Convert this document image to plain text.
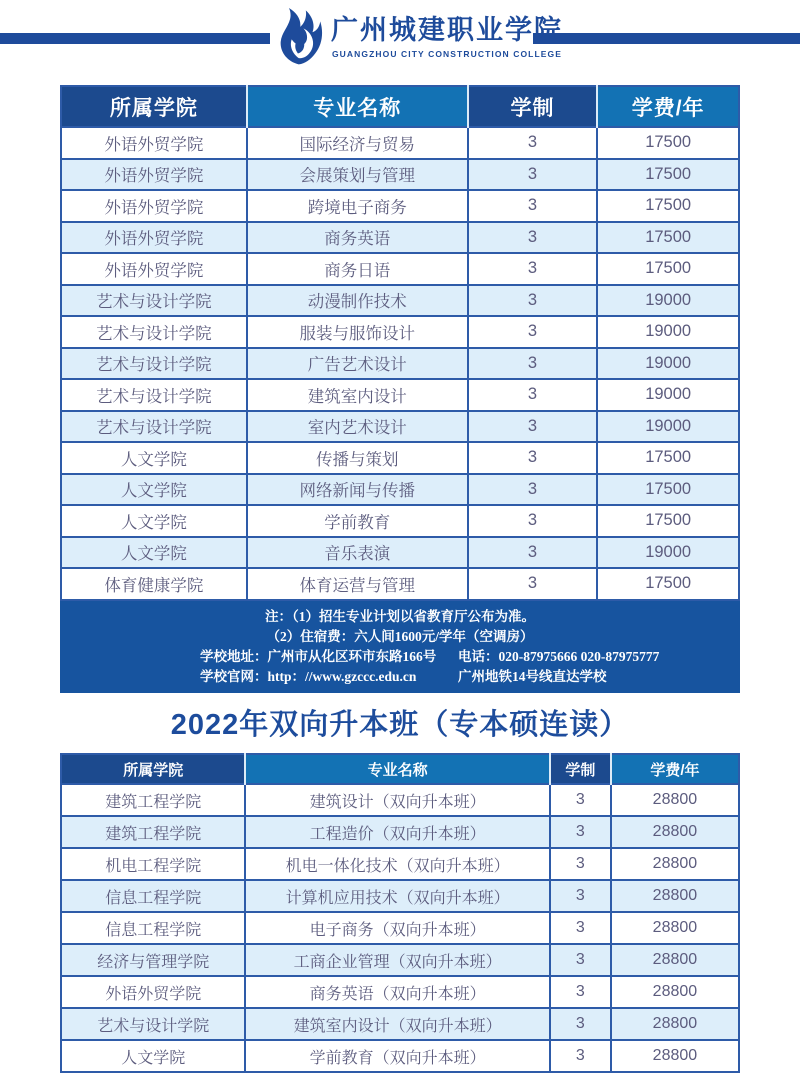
广州城建职业学院
GUANGZHOU CITY CONSTRUCTION COLLEGE
所属学院	专业名称	学制	学费/年
外语外贸学院	国际经济与贸易	3	17500
外语外贸学院	会展策划与管理	3	17500
外语外贸学院	跨境电子商务	3	17500
外语外贸学院	商务英语	3	17500
外语外贸学院	商务日语	3	17500
艺术与设计学院	动漫制作技术	3	19000
艺术与设计学院	服装与服饰设计	3	19000
艺术与设计学院	广告艺术设计	3	19000
艺术与设计学院	建筑室内设计	3	19000
艺术与设计学院	室内艺术设计	3	19000
人文学院	传播与策划	3	17500
人文学院	网络新闻与传播	3	17500
人文学院	学前教育	3	17500
人文学院	音乐表演	3	19000
体育健康学院	体育运营与管理	3	17500
注：（1）招生专业计划以省教育厅公布为准。
（2）住宿费：六人间1600元/学年（空调房）
学校地址：广州市从化区环市东路166号	电话：020-87975666 020-87975777
学校官网：http：//www.gzccc.edu.cn	广州地铁14号线直达学校
2022年双向升本班（专本硕连读）
所属学院	专业名称	学制	学费/年
建筑工程学院	建筑设计（双向升本班）	3	28800
建筑工程学院	工程造价（双向升本班）	3	28800
机电工程学院	机电一体化技术（双向升本班）	3	28800
信息工程学院	计算机应用技术（双向升本班）	3	28800
信息工程学院	电子商务（双向升本班）	3	28800
经济与管理学院	工商企业管理（双向升本班）	3	28800
外语外贸学院	商务英语（双向升本班）	3	28800
艺术与设计学院	建筑室内设计（双向升本班）	3	28800
人文学院	学前教育（双向升本班）	3	28800
